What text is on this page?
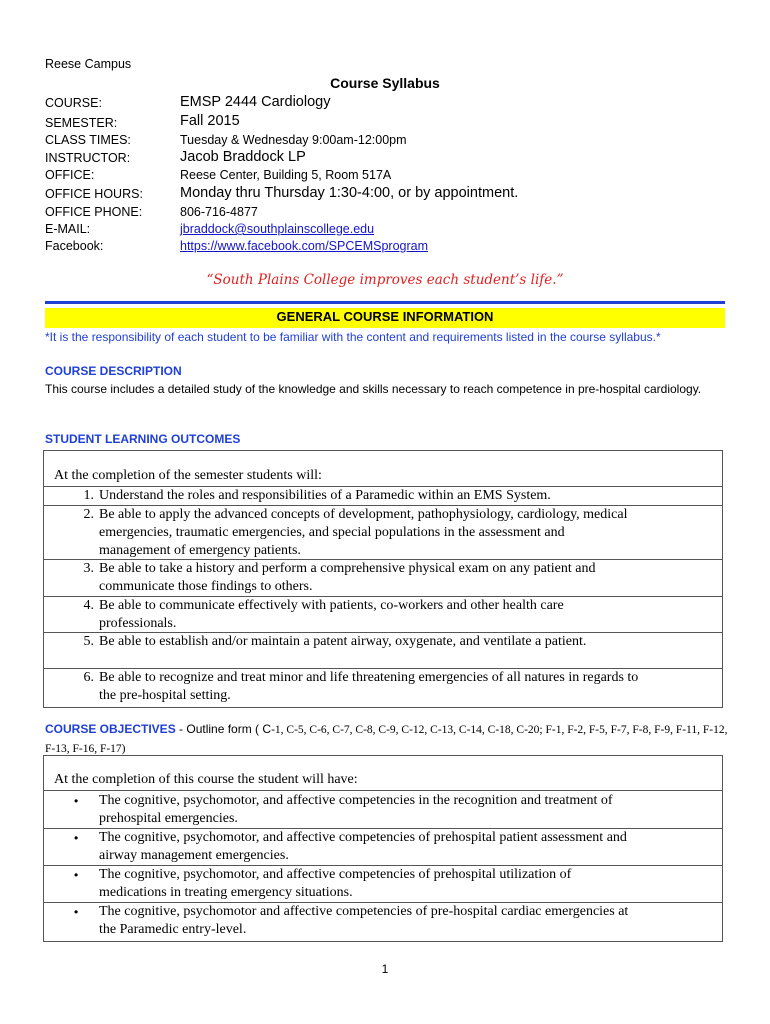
Reese Campus
Course Syllabus
COURSE:	EMSP 2444 Cardiology
SEMESTER:	Fall 2015
CLASS TIMES:	Tuesday & Wednesday 9:00am-12:00pm
INSTRUCTOR:	Jacob Braddock LP
OFFICE:	Reese Center, Building 5, Room 517A
OFFICE HOURS:	Monday thru Thursday 1:30-4:00, or by appointment.
OFFICE PHONE:	806-716-4877
E-MAIL:	jbraddock@southplainscollege.edu
Facebook:	https://www.facebook.com/SPCEMSprogram
“South Plains College improves each student’s life.”
GENERAL COURSE INFORMATION
*It is the responsibility of each student to be familiar with the content and requirements listed in the course syllabus.*
COURSE DESCRIPTION
This course includes a detailed study of the knowledge and skills necessary to reach competence in pre-hospital cardiology.
STUDENT LEARNING OUTCOMES
At the completion of the semester students will:
1. Understand the roles and responsibilities of a Paramedic within an EMS System.
2. Be able to apply the advanced concepts of development, pathophysiology, cardiology, medical emergencies, traumatic emergencies, and special populations in the assessment and management of emergency patients.
3. Be able to take a history and perform a comprehensive physical exam on any patient and communicate those findings to others.
4. Be able to communicate effectively with patients, co-workers and other health care professionals.
5. Be able to establish and/or maintain a patent airway, oxygenate, and ventilate a patient.
6. Be able to recognize and treat minor and life threatening emergencies of all natures in regards to the pre-hospital setting.
COURSE OBJECTIVES - Outline form ( C-1, C-5, C-6, C-7, C-8, C-9, C-12, C-13, C-14, C-18, C-20; F-1, F-2, F-5, F-7, F-8, F-9, F-11, F-12, F-13, F-16, F-17)
At the completion of this course the student will have:
• The cognitive, psychomotor, and affective competencies in the recognition and treatment of prehospital emergencies.
• The cognitive, psychomotor, and affective competencies of prehospital patient assessment and airway management emergencies.
• The cognitive, psychomotor, and affective competencies of prehospital utilization of medications in treating emergency situations.
• The cognitive, psychomotor and affective competencies of pre-hospital cardiac emergencies at the Paramedic entry-level.
1
